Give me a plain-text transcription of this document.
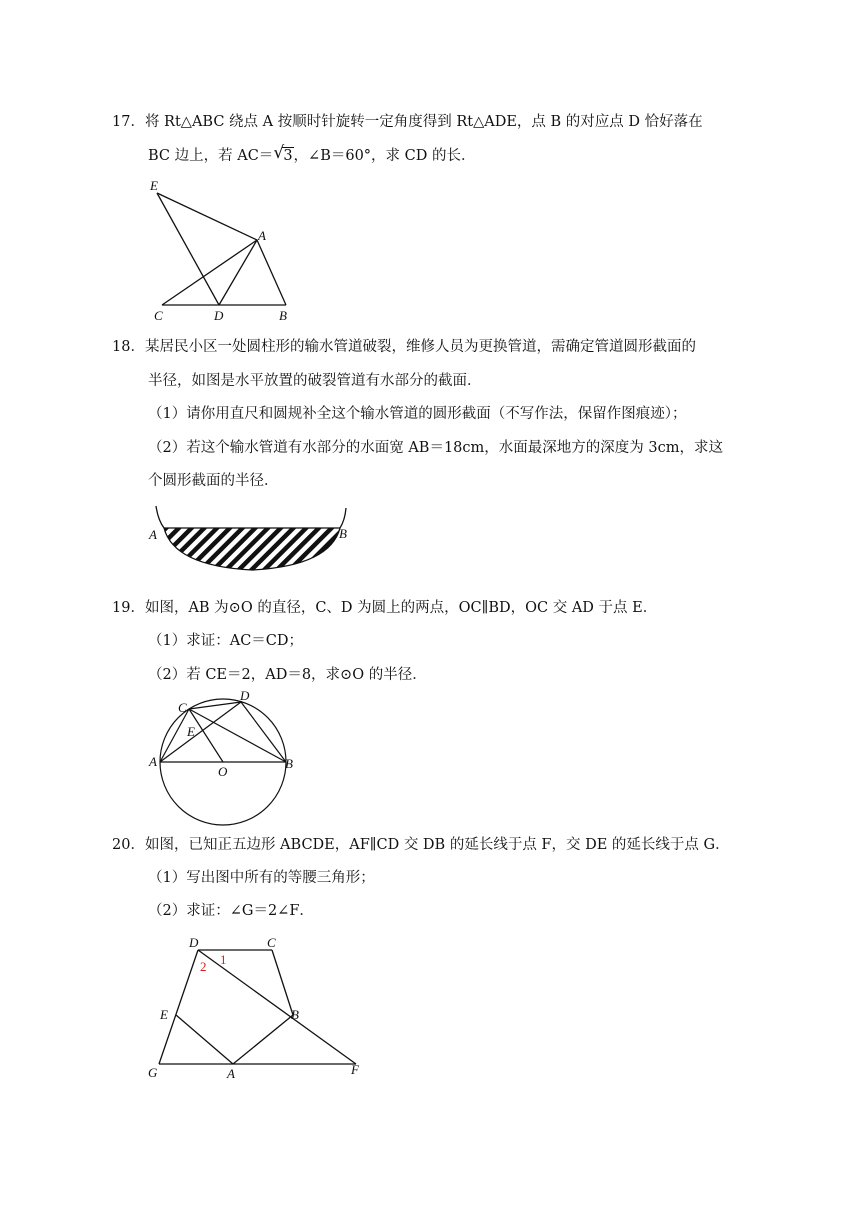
17．将 Rt△ABC 绕点 A 按顺时针旋转一定角度得到 Rt△ADE，点 B 的对应点 D 恰好落在
BC 边上，若 AC＝ √ 3，∠B＝60°，求 CD 的长．
E
A
C	D	B
18．某居民小区一处圆柱形的输水管道破裂，维修人员为更换管道，需确定管道圆形截面的
半径，如图是水平放置的破裂管道有水部分的截面．
（1）请你用直尺和圆规补全这个输水管道的圆形截面（不写作法，保留作图痕迹）；
（2）若这个输水管道有水部分的水面宽 AB＝18cm，水面最深地方的深度为 3cm，求这
个圆形截面的半径．
A	B
19．如图，AB 为⊙O 的直径，C、D 为圆上的两点，OC∥BD，OC 交 AD 于点 E．
（1）求证：AC＝CD；
（2）若 CE＝2，AD＝8，求⊙O 的半径．
A	B
C
D
E
O
20．如图，已知正五边形 ABCDE，AF∥CD 交 DB 的延长线于点 F，交 DE 的延长线于点 G．
（1）写出图中所有的等腰三角形；
（2）求证：∠G＝2∠F．
D	C
E	B
G	A	F
1
2
